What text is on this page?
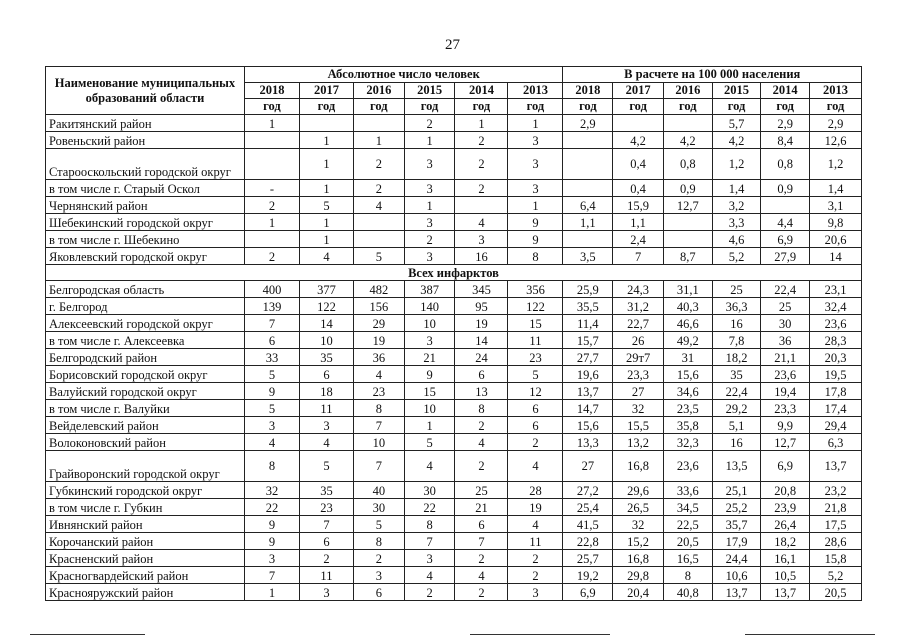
27
Наименование муниципальных образований области	Абсолютное число человек						В расчете на 100 000 населения					
	2018	2017	2016	2015	2014	2013	2018	2017	2016	2015	2014	2013
	год	год	год	год	год	год	год	год	год	год	год	год
Ракитянский район	1			2	1	1	2,9			5,7	2,9	2,9
Ровеньский район		1	1	1	2	3		4,2	4,2	4,2	8,4	12,6
Старооскольский городской округ		1	2	3	2	3		0,4	0,8	1,2	0,8	1,2
в том числе г. Старый Оскол	-	1	2	3	2	3		0,4	0,9	1,4	0,9	1,4
Чернянский район	2	5	4	1		1	6,4	15,9	12,7	3,2		3,1
Шебекинский городской округ	1	1		3	4	9	1,1	1,1		3,3	4,4	9,8
в том числе г. Шебекино		1		2	3	9		2,4		4,6	6,9	20,6
Яковлевский городской округ	2	4	5	3	16	8	3,5	7	8,7	5,2	27,9	14
Всех инфарктов												
Белгородская область	400	377	482	387	345	356	25,9	24,3	31,1	25	22,4	23,1
г. Белгород	139	122	156	140	95	122	35,5	31,2	40,3	36,3	25	32,4
Алексеевский городской округ	7	14	29	10	19	15	11,4	22,7	46,6	16	30	23,6
в том числе г. Алексеевка	6	10	19	3	14	11	15,7	26	49,2	7,8	36	28,3
Белгородский район	33	35	36	21	24	23	27,7	29т7	31	18,2	21,1	20,3
Борисовский городской округ	5	6	4	9	6	5	19,6	23,3	15,6	35	23,6	19,5
Валуйский городской округ	9	18	23	15	13	12	13,7	27	34,6	22,4	19,4	17,8
в том числе г. Валуйки	5	11	8	10	8	6	14,7	32	23,5	29,2	23,3	17,4
Вейделевский район	3	3	7	1	2	6	15,6	15,5	35,8	5,1	9,9	29,4
Волоконовский район	4	4	10	5	4	2	13,3	13,2	32,3	16	12,7	6,3
Грайворонский городской округ	8	5	7	4	2	4	27	16,8	23,6	13,5	6,9	13,7
Губкинский городской округ	32	35	40	30	25	28	27,2	29,6	33,6	25,1	20,8	23,2
в том числе г. Губкин	22	23	30	22	21	19	25,4	26,5	34,5	25,2	23,9	21,8
Ивнянский район	9	7	5	8	6	4	41,5	32	22,5	35,7	26,4	17,5
Корочанский район	9	6	8	7	7	11	22,8	15,2	20,5	17,9	18,2	28,6
Красненский район	3	2	2	3	2	2	25,7	16,8	16,5	24,4	16,1	15,8
Красногвардейский район	7	11	3	4	4	2	19,2	29,8	8	10,6	10,5	5,2
Краснояружский район	1	3	6	2	2	3	6,9	20,4	40,8	13,7	13,7	20,5
